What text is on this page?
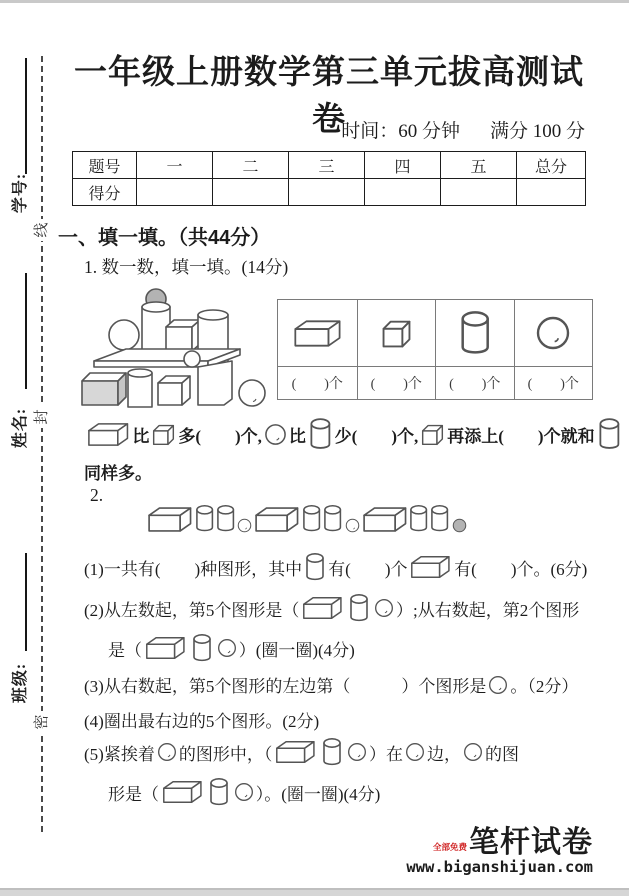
学号:
姓名:
班级:
线
封
密
一年级上册数学第三单元拔高测试卷
时间：60 分钟 满分 100 分
题号	一	二	三	四	五	总分
得分						
一、填一填。（共44分）
1. 数一数，填一填。(14分)
(　　)个	(　　)个	(　　)个	(　　)个
比 多(　　)个, 比 少(　　)个, 再添上(　　)个就和
同样多。
2.
(1)一共有(　　)种图形，其中 有(　　)个	有(　　)个。(6分)
(2)从左数起，第5个图形是（	）;从右数起，第2个图形
是（	）(圈一圈)(4分)
(3)从右数起，第5个图形的左边第（　　　）个图形是 。（2分）
(4)圈出最右边的5个图形。(2分)
(5)紧挨着 的图形中，（	）在 边， 的图
形是（	）。(圈一圈)(4分)
全部免费 笔杆试卷
www.biganshijuan.com
